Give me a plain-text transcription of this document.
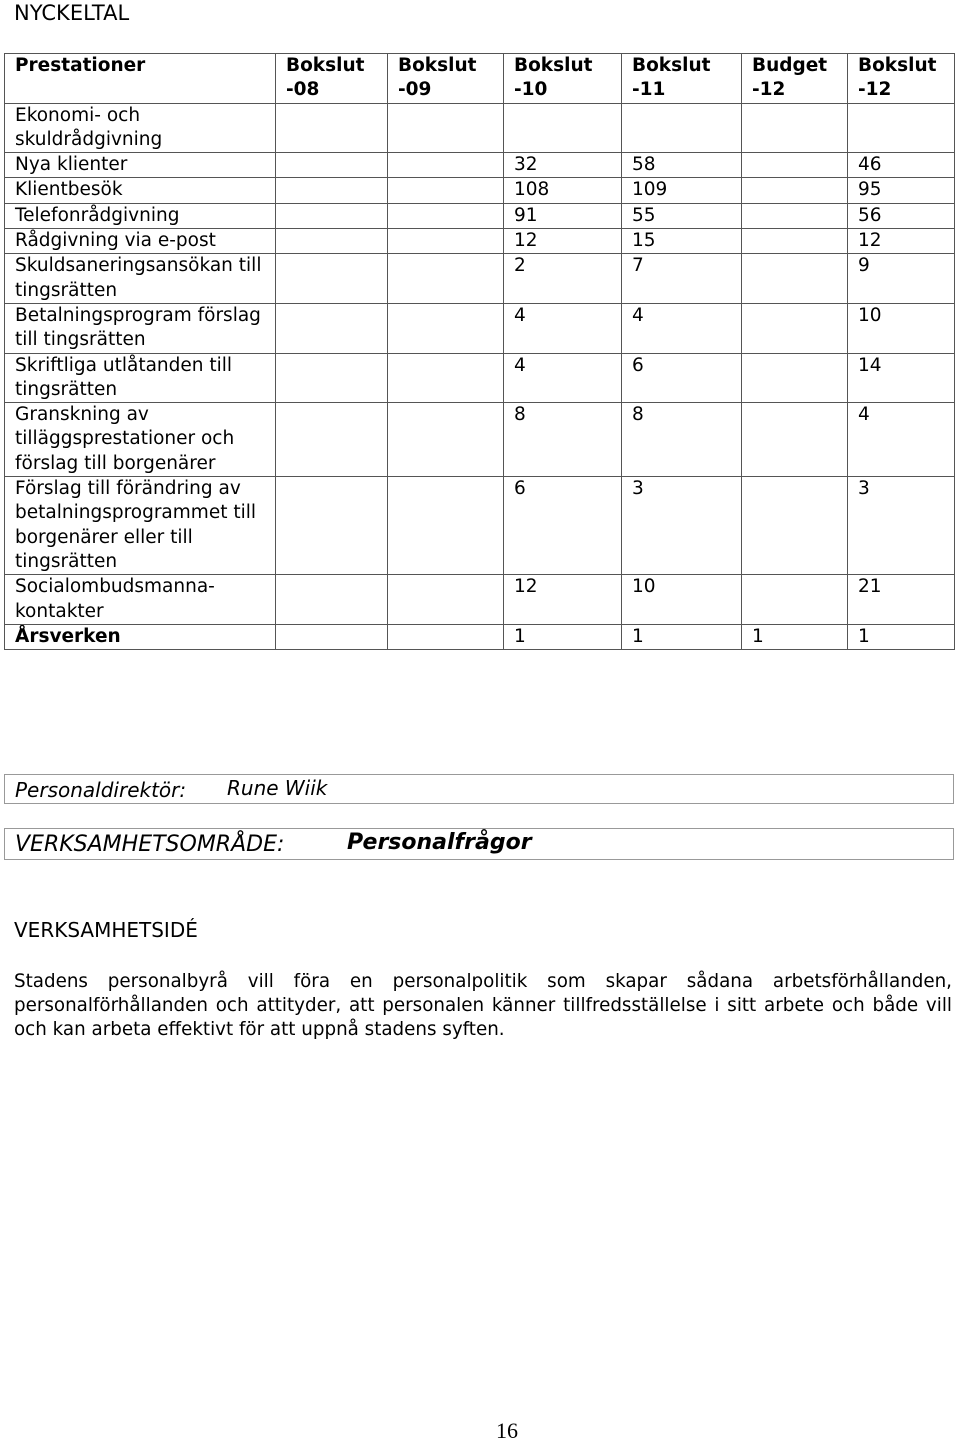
NYCKELTAL
Prestationer	Bokslut -08	Bokslut -09	Bokslut -10	Bokslut -11	Budget -12	Bokslut -12
Ekonomi- och skuldrådgivning						
Nya klienter			32	58		46
Klientbesök			108	109		95
Telefonrådgivning			91	55		56
Rådgivning via e-post			12	15		12
Skuldsaneringsansökan till tingsrätten			2	7		9
Betalningsprogram förslag till tingsrätten			4	4		10
Skriftliga utlåtanden till tingsrätten			4	6		14
Granskning av tilläggsprestationer och förslag till borgenärer			8	8		4
Förslag till förändring av betalningsprogrammet till borgenärer eller till tingsrätten			6	3		3
Socialombudsmanna-kontakter			12	10		21
Årsverken			1	1	1	1
Personaldirektör: Rune Wiik
VERKSAMHETSOMRÅDE:	Personalfrågor
VERKSAMHETSIDÉ
Stadens personalbyrå vill föra en personalpolitik som skapar sådana arbetsförhållanden, personalförhållanden och attityder, att personalen känner tillfredsställelse i sitt arbete och både vill och kan arbeta effektivt för att uppnå stadens syften.
16
